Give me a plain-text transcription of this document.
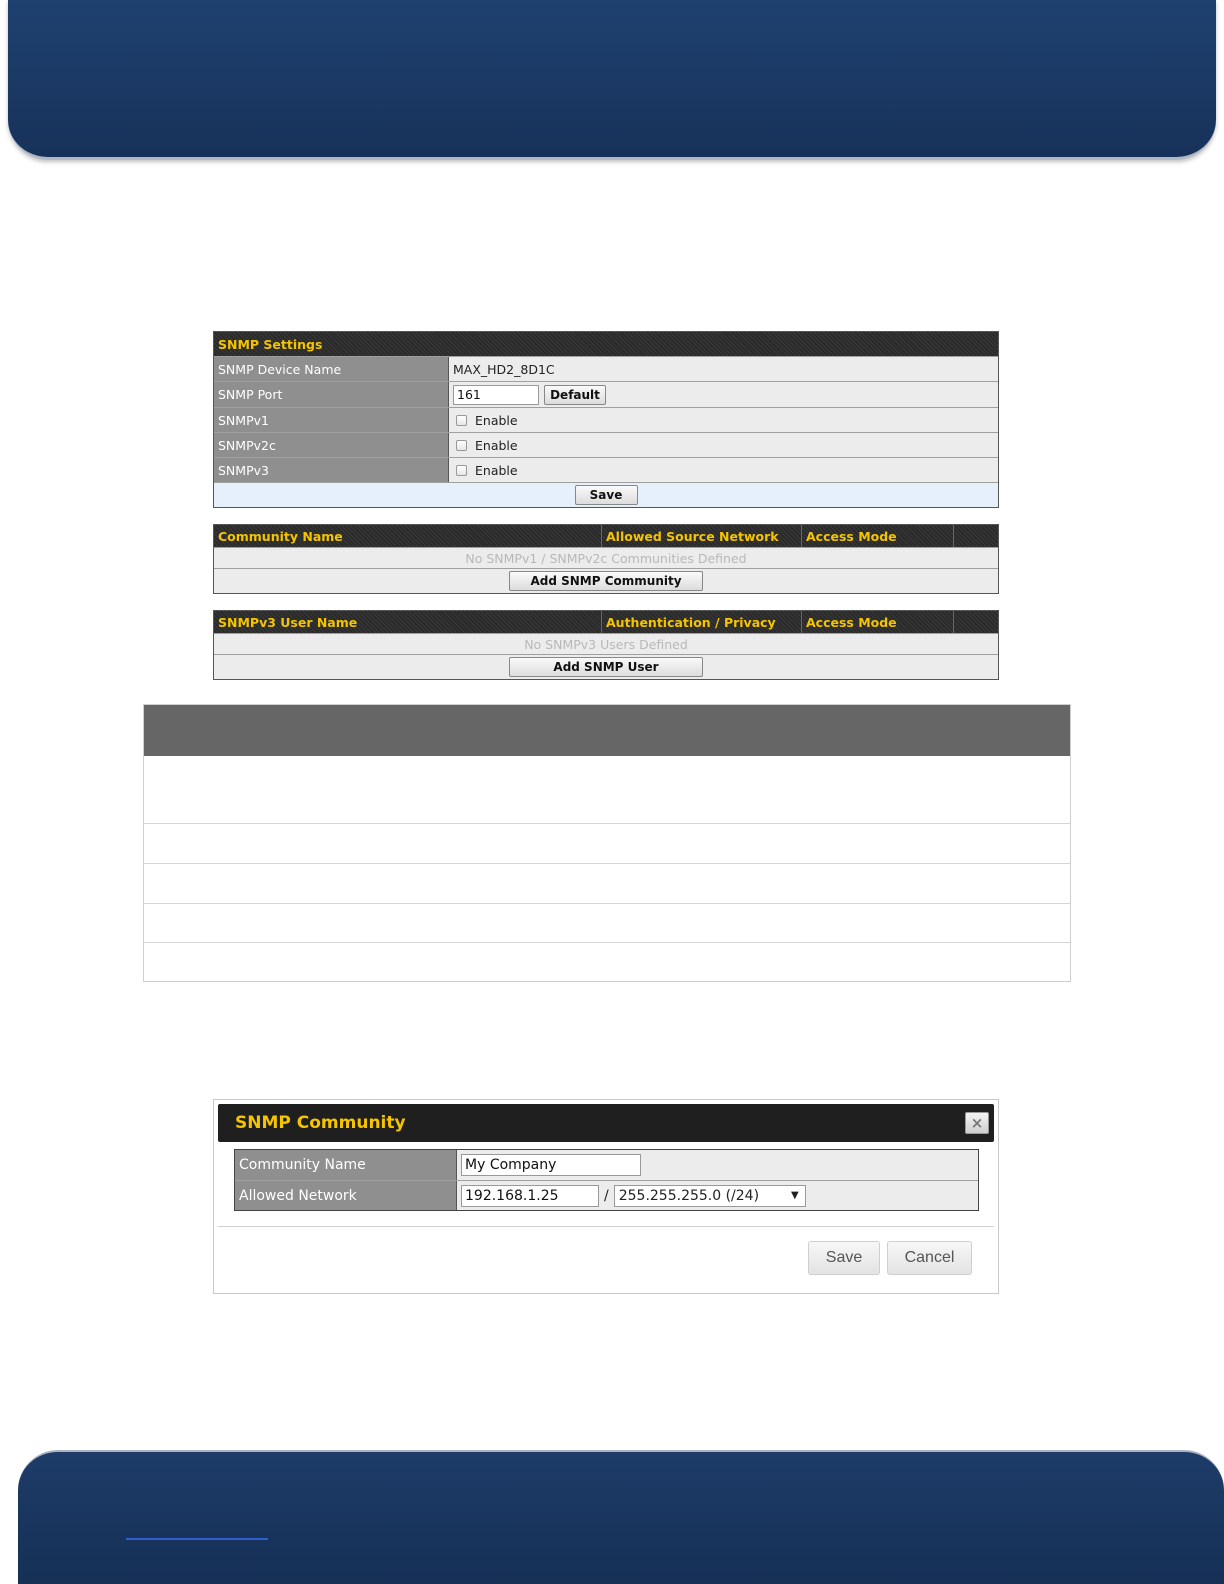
SNMP Settings
SNMP Device Name	MAX_HD2_8D1C
SNMP Port	161	Default
SNMPv1	Enable
SNMPv2c	Enable
SNMPv3	Enable
Save
Community Name	Allowed Source Network	Access Mode
No SNMPv1 / SNMPv2c Communities Defined
Add SNMP Community
SNMPv3 User Name	Authentication / Privacy	Access Mode
No SNMPv3 Users Defined
Add SNMP User
SNMP Community	×
Community Name	My Company
Allowed Network	192.168.1.25	/ 255.255.255.0 (/24)	▼
Save	Cancel
